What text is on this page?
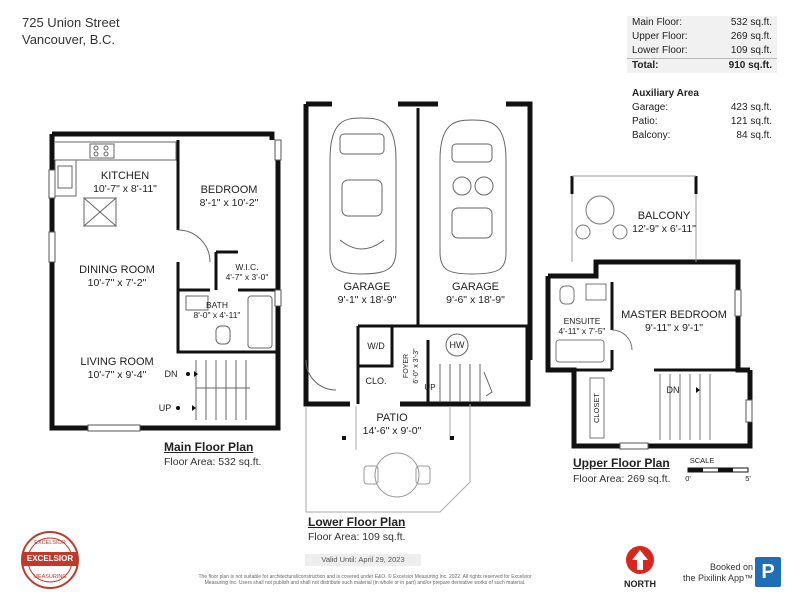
725 Union Street
Vancouver, B.C.
Main Floor:	532 sq.ft.
Upper Floor:	269 sq.ft.
Lower Floor:	109 sq.ft.
Total:	910 sq.ft.
Auxiliary Area
Garage:	423 sq.ft.
Patio:	121 sq.ft.
Balcony:	84 sq.ft.
KITCHEN
10'-7" x 8'-11"	BEDROOM
8'-1" x 10'-2"
DINING ROOM
10'-7" x 7'-2"
W.I.C.
4'-7" x 3'-0"
BATH
8'-0" x 4'-11"
LIVING ROOM
10'-7" x 9'-4"	DN
UP
Main Floor Plan
Floor Area: 532 sq.ft.
GARAGE
9'-1" x 18'-9"
GARAGE
9'-6" x 18'-9"
W/D	HW
CLO.
FOYER 6'-0" x 3'-3"
UP
PATIO
14'-6" x 9'-0"
Lower Floor Plan
Floor Area: 109 sq.ft.
BALCONY
12'-9" x 6'-11"
MASTER BEDROOM
9'-11" x 9'-1"
ENSUITE
4'-11" x 7'-5"
CLOSET
DN
Upper Floor Plan
Floor Area: 269 sq.ft.
SCALE
0'	5'
EXCELSIOR
EXCELSIOR
MEASURING
Valid Until: April 29, 2023
The floor plan is not suitable for architectural/construction and is covered under E&O. © Excelsior Measuring Inc. 2022. All rights reserved for Excelsior Measuring Inc. Users shall not publish and shall not distribute such material (in whole or in part) and/or prepare derivative works of such material.	NORTH
Booked on
the Pixilink App™ P
